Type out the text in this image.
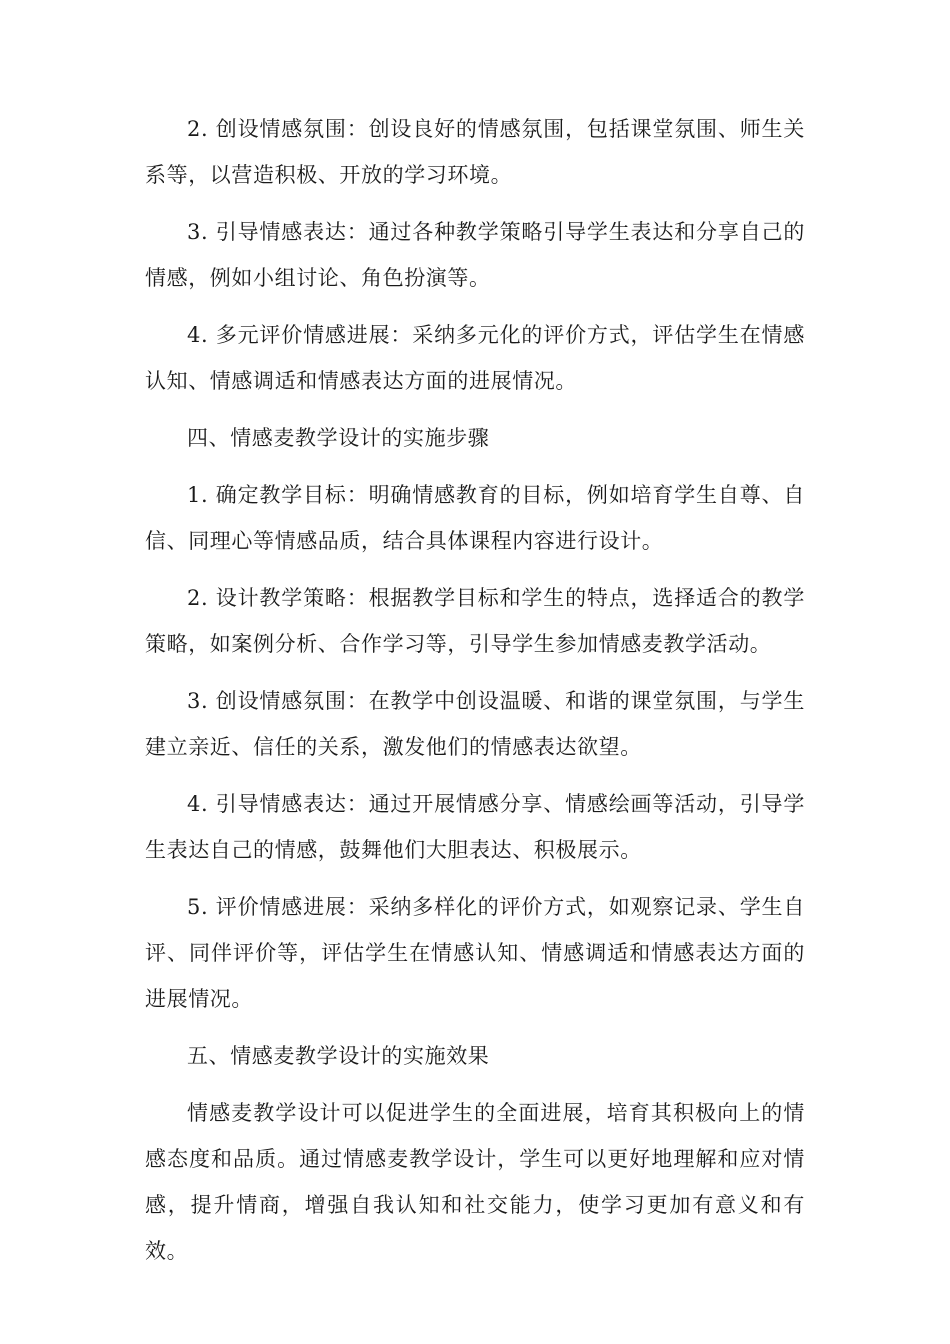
2. 创设情感氛围：创设良好的情感氛围，包括课堂氛围、师生关系等，以营造积极、开放的学习环境。

3. 引导情感表达：通过各种教学策略引导学生表达和分享自己的情感，例如小组讨论、角色扮演等。

4. 多元评价情感进展：采纳多元化的评价方式，评估学生在情感认知、情感调适和情感表达方面的进展情况。

四、情感麦教学设计的实施步骤

1. 确定教学目标：明确情感教育的目标，例如培育学生自尊、自信、同理心等情感品质，结合具体课程内容进行设计。

2. 设计教学策略：根据教学目标和学生的特点，选择适合的教学策略，如案例分析、合作学习等，引导学生参加情感麦教学活动。

3. 创设情感氛围：在教学中创设温暖、和谐的课堂氛围，与学生建立亲近、信任的关系，激发他们的情感表达欲望。

4. 引导情感表达：通过开展情感分享、情感绘画等活动，引导学生表达自己的情感，鼓舞他们大胆表达、积极展示。

5. 评价情感进展：采纳多样化的评价方式，如观察记录、学生自评、同伴评价等，评估学生在情感认知、情感调适和情感表达方面的进展情况。

五、情感麦教学设计的实施效果

情感麦教学设计可以促进学生的全面进展，培育其积极向上的情感态度和品质。通过情感麦教学设计，学生可以更好地理解和应对情感，提升情商，增强自我认知和社交能力，使学习更加有意义和有效。
